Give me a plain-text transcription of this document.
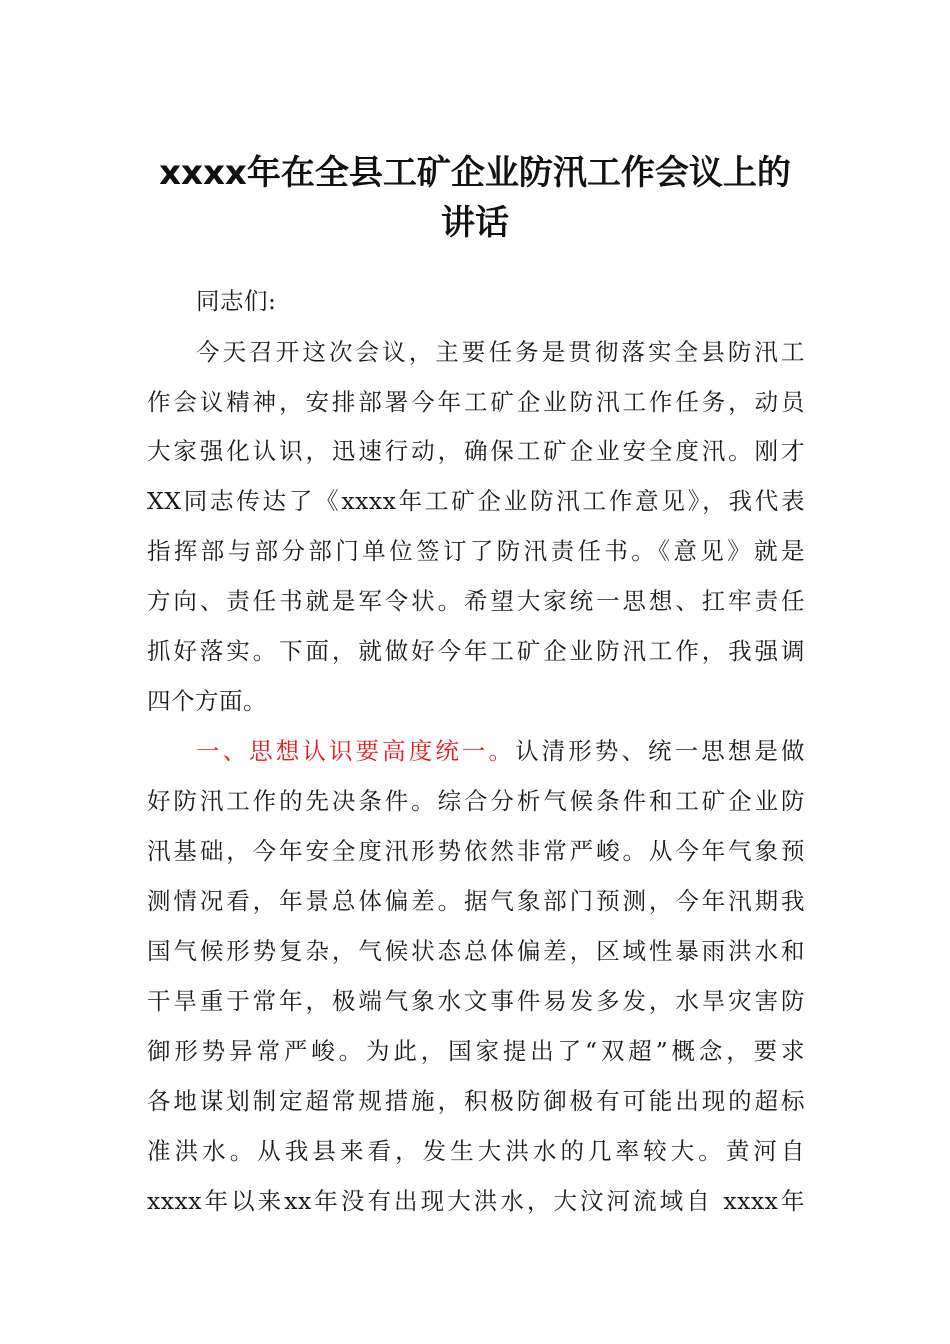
xxxx年在全县工矿企业防汛工作会议上的
讲话

同志们:

今天召开这次会议，主要任务是贯彻落实全县防汛工

作会议精神，安排部署今年工矿企业防汛工作任务，动员

大家强化认识，迅速行动，确保工矿企业安全度汛。刚才

XX同志传达了《xxxx年工矿企业防汛工作意见》，我代表

指挥部与部分部门单位签订了防汛责任书。《意见》就是

方向、责任书就是军令状。希望大家统一思想、扛牢责任

抓好落实。下面，就做好今年工矿企业防汛工作，我强调

四个方面。

一、思想认识要高度统一。认清形势、统一思想是做

好防汛工作的先决条件。综合分析气候条件和工矿企业防

汛基础，今年安全度汛形势依然非常严峻。从今年气象预

测情况看，年景总体偏差。据气象部门预测，今年汛期我

国气候形势复杂，气候状态总体偏差，区域性暴雨洪水和

干旱重于常年，极端气象水文事件易发多发，水旱灾害防

御形势异常严峻。为此，国家提出了“双超”概念，要求

各地谋划制定超常规措施，积极防御极有可能出现的超标

准洪水。从我县来看，发生大洪水的几率较大。黄河自

xxxx年以来xx年没有出现大洪水，大汶河流域自 xxxx年
